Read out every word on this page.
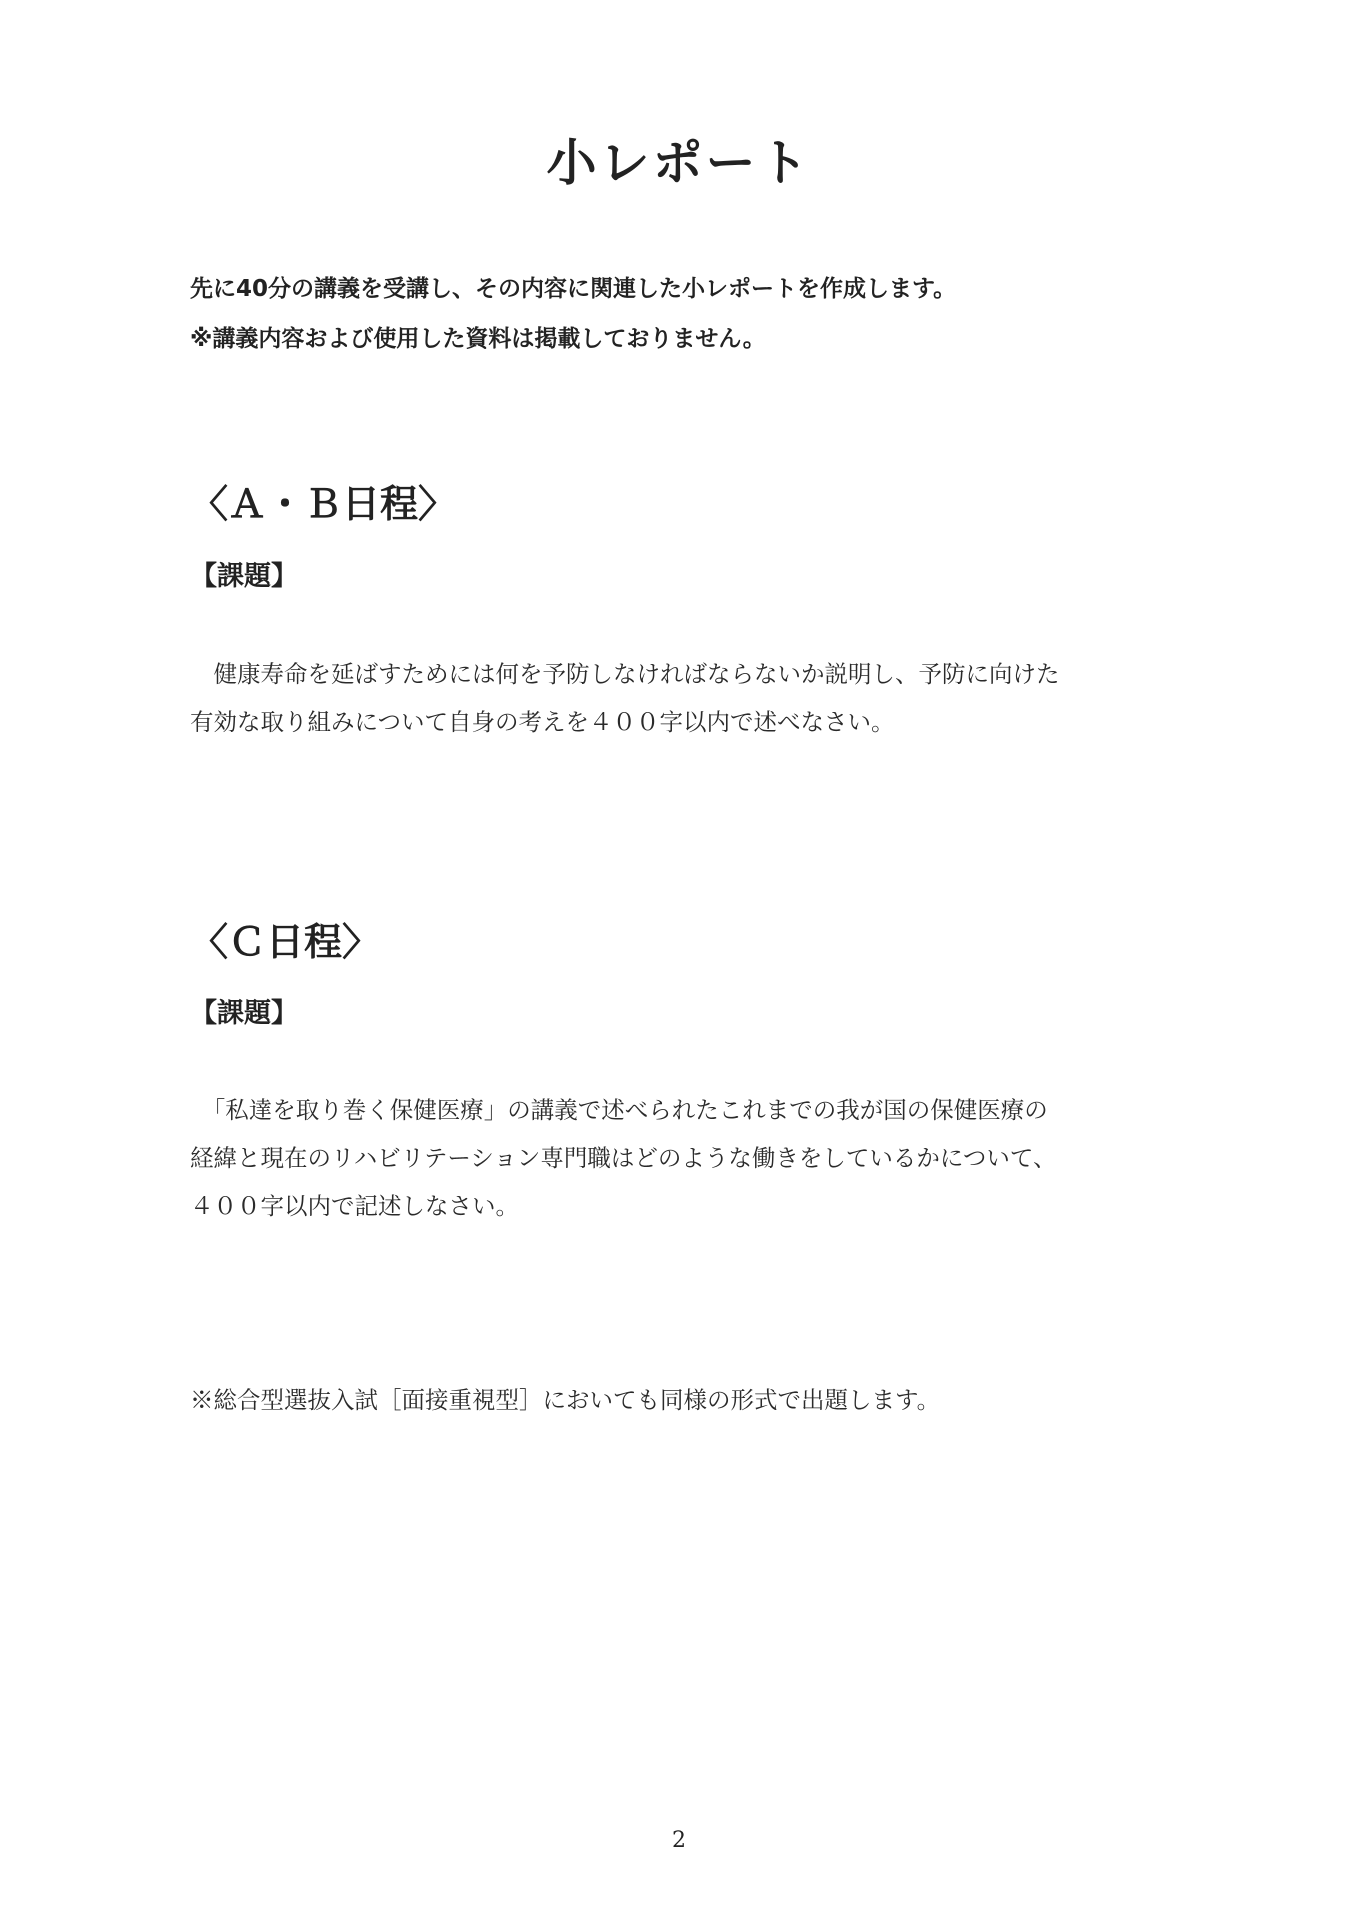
小レポート
先に40分の講義を受講し、その内容に関連した小レポートを作成します。
※講義内容および使用した資料は掲載しておりません。
〈Ａ・Ｂ日程〉
【課題】
　健康寿命を延ばすためには何を予防しなければならないか説明し、予防に向けた
有効な取り組みについて自身の考えを４００字以内で述べなさい。
〈Ｃ日程〉
【課題】
　「私達を取り巻く保健医療」の講義で述べられたこれまでの我が国の保健医療の
経緯と現在のリハビリテーション専門職はどのような働きをしているかについて、
４００字以内で記述しなさい。
※総合型選抜入試［面接重視型］においても同様の形式で出題します。
2
